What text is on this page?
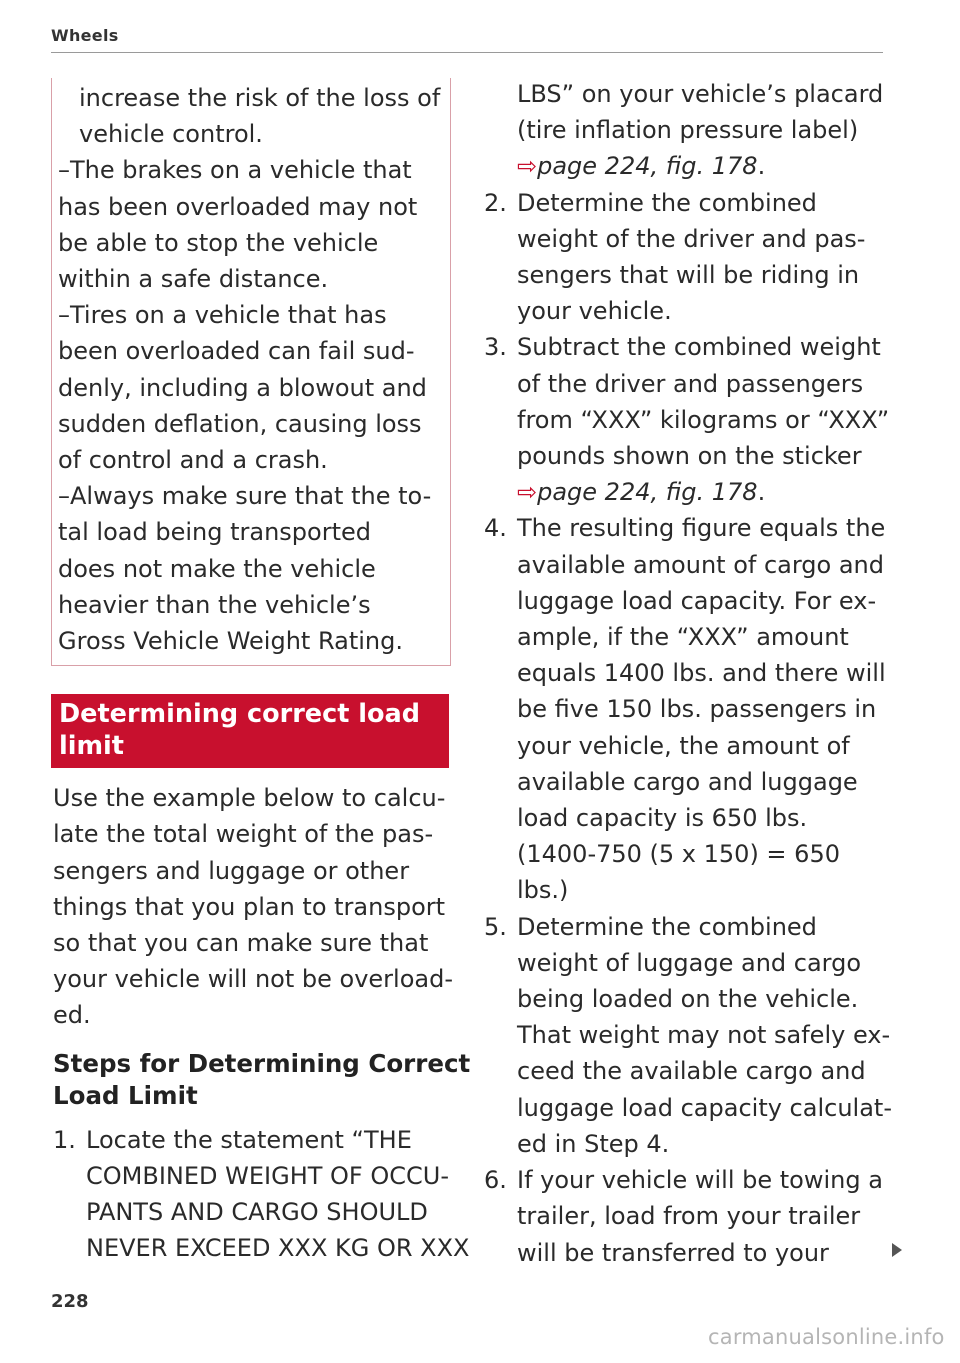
Wheels
increase the risk of the loss of
vehicle control.
–The brakes on a vehicle that
has been overloaded may not
be able to stop the vehicle
within a safe distance.
–Tires on a vehicle that has
been overloaded can fail sud-
denly, including a blowout and
sudden deflation, causing loss
of control and a crash.
–Always make sure that the to-
tal load being transported
does not make the vehicle
heavier than the vehicle’s
Gross Vehicle Weight Rating.
Determining correct load
limit
Use the example below to calcu-
late the total weight of the pas-
sengers and luggage or other
things that you plan to transport
so that you can make sure that
your vehicle will not be overload-
ed.
Steps for Determining Correct
Load Limit
1. Locate the statement “THE
COMBINED WEIGHT OF OCCU-
PANTS AND CARGO SHOULD
NEVER EXCEED XXX KG OR XXX
LBS” on your vehicle’s placard
(tire inflation pressure label)
⇨page 224, fig. 178.
2. Determine the combined
weight of the driver and pas-
sengers that will be riding in
your vehicle.
3. Subtract the combined weight
of the driver and passengers
from “XXX” kilograms or “XXX”
pounds shown on the sticker
⇨page 224, fig. 178.
4. The resulting figure equals the
available amount of cargo and
luggage load capacity. For ex-
ample, if the “XXX” amount
equals 1400 lbs. and there will
be five 150 lbs. passengers in
your vehicle, the amount of
available cargo and luggage
load capacity is 650 lbs.
(1400-750 (5 x 150) = 650
lbs.)
5. Determine the combined
weight of luggage and cargo
being loaded on the vehicle.
That weight may not safely ex-
ceed the available cargo and
luggage load capacity calculat-
ed in Step 4.
6. If your vehicle will be towing a
trailer, load from your trailer
will be transferred to your
228
carmanualsonline.info
